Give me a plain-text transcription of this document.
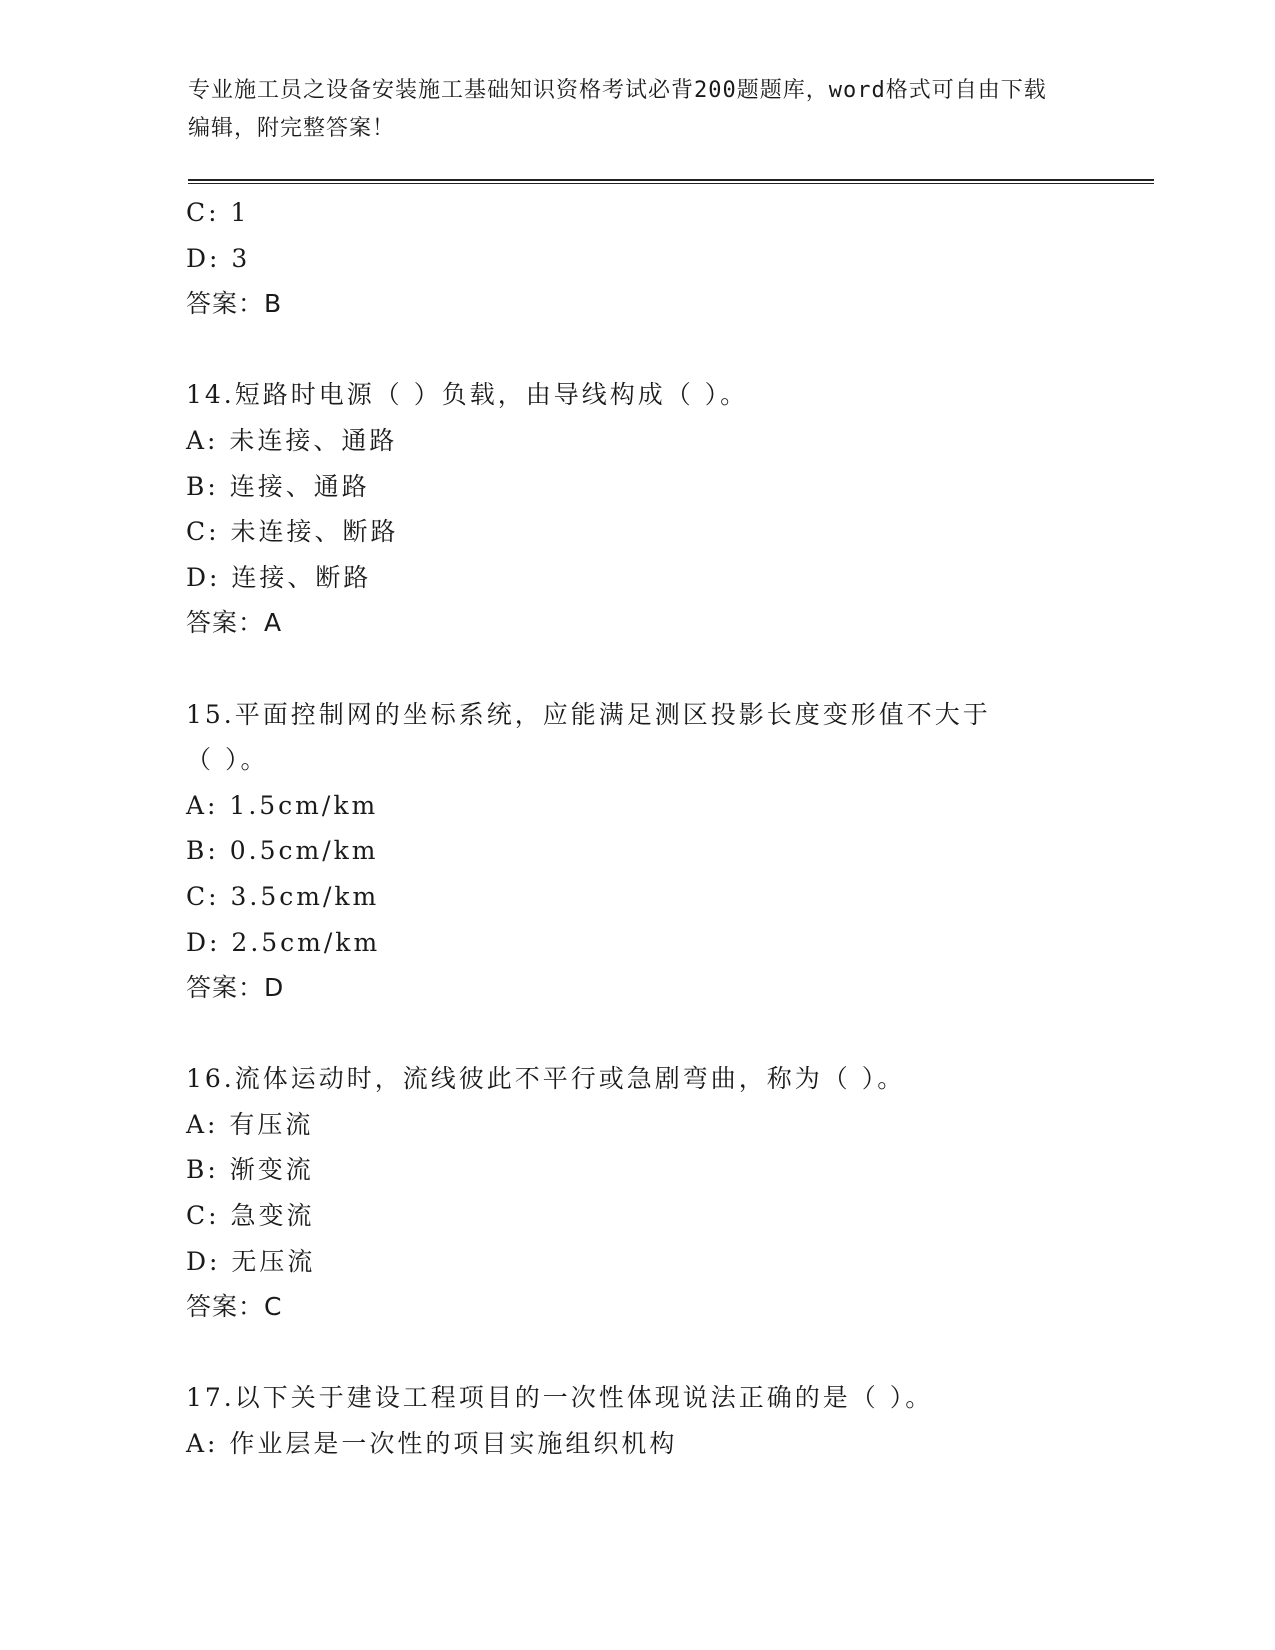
专业施工员之设备安装施工基础知识资格考试必背200题题库，word格式可自由下载编辑，附完整答案！
C: 1
D: 3
答案：B
14.短路时电源（ ）负载，由导线构成（ ）。
A: 未连接、通路
B: 连接、通路
C: 未连接、断路
D: 连接、断路
答案：A
15.平面控制网的坐标系统，应能满足测区投影长度变形值不大于（ ）。
A: 1.5cm/km
B: 0.5cm/km
C: 3.5cm/km
D: 2.5cm/km
答案：D
16.流体运动时，流线彼此不平行或急剧弯曲，称为（ ）。
A: 有压流
B: 渐变流
C: 急变流
D: 无压流
答案：C
17.以下关于建设工程项目的一次性体现说法正确的是（ ）。
A: 作业层是一次性的项目实施组织机构
